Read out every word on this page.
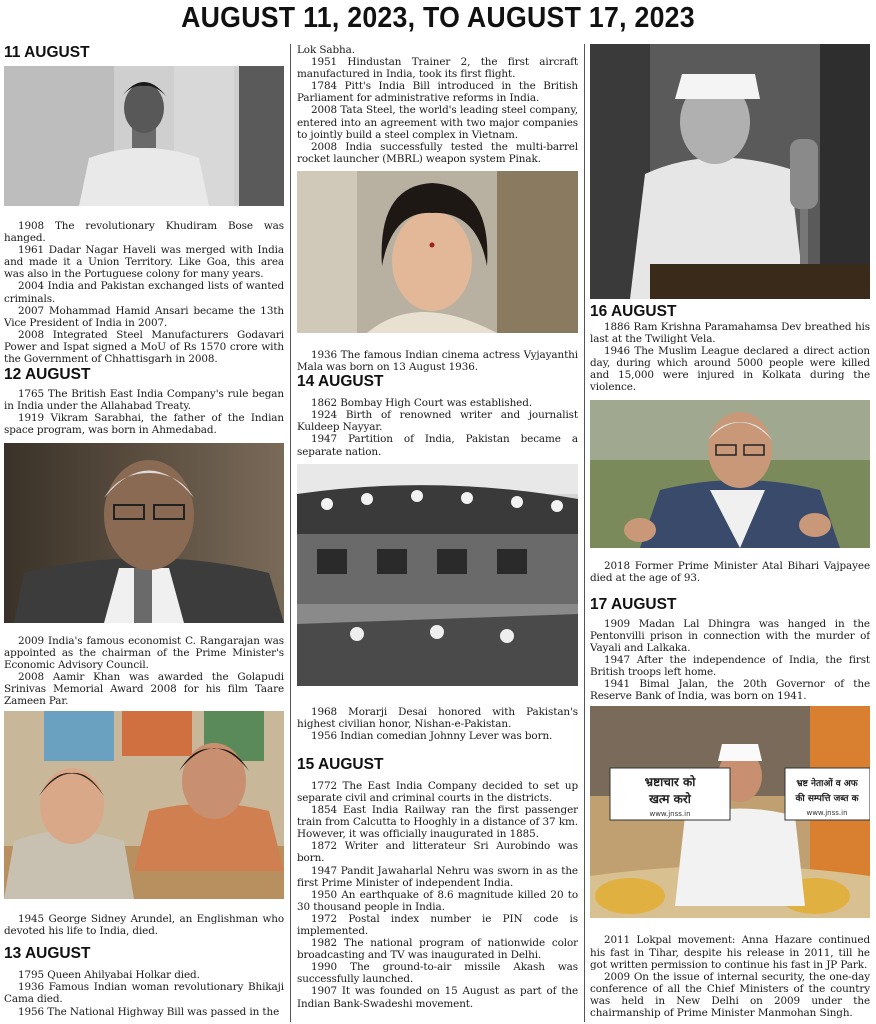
AUGUST 11, 2023, TO AUGUST 17, 2023
11 AUGUST

1908 The revolutionary Khudiram Bose was hanged.

1961 Dadar Nagar Haveli was merged with India and made it a Union Territory. Like Goa, this area was also in the Portuguese colony for many years.

2004 India and Pakistan exchanged lists of wanted criminals.

2007 Mohammad Hamid Ansari became the 13th Vice President of India in 2007.

2008 Integrated Steel Manufacturers Godavari Power and Ispat signed a MoU of Rs 1570 crore with the Government of Chhattisgarh in 2008.

12 AUGUST

1765 The British East India Company's rule began in India under the Allahabad Treaty.

1919 Vikram Sarabhai, the father of the Indian space program, was born in Ahmedabad.

2009 India's famous economist C. Rangarajan was appointed as the chairman of the Prime Minister's Economic Advisory Council.

2008 Aamir Khan was awarded the Golapudi Srinivas Memorial Award 2008 for his film Taare Zameen Par.

1945 George Sidney Arundel, an Englishman who devoted his life to India, died.

13 AUGUST

1795 Queen Ahilyabai Holkar died.

1936 Famous Indian woman revolutionary Bhikaji Cama died.

1956 The National Highway Bill was passed in the

Lok Sabha.

1951 Hindustan Trainer 2, the first aircraft manufactured in India, took its first flight.

1784 Pitt's India Bill introduced in the British Parliament for administrative reforms in India.

2008 Tata Steel, the world's leading steel company, entered into an agreement with two major companies to jointly build a steel complex in Vietnam.

2008 India successfully tested the multi-barrel rocket launcher (MBRL) weapon system Pinak.

1936 The famous Indian cinema actress Vyjayanthi Mala was born on 13 August 1936.

14 AUGUST

1862 Bombay High Court was established.

1924 Birth of renowned writer and journalist Kuldeep Nayyar.

1947 Partition of India, Pakistan became a separate nation.

1968 Morarji Desai honored with Pakistan's highest civilian honor, Nishan-e-Pakistan.

1956 Indian comedian Johnny Lever was born.

15 AUGUST

1772 The East India Company decided to set up separate civil and criminal courts in the districts.

1854 East India Railway ran the first passenger train from Calcutta to Hooghly in a distance of 37 km. However, it was officially inaugurated in 1885.

1872 Writer and litterateur Sri Aurobindo was born.

1947 Pandit Jawaharlal Nehru was sworn in as the first Prime Minister of independent India.

1950 An earthquake of 8.6 magnitude killed 20 to 30 thousand people in India.

1972 Postal index number ie PIN code is implemented.

1982 The national program of nationwide color broadcasting and TV was inaugurated in Delhi.

1990 The ground-to-air missile Akash was successfully launched.

1907 It was founded on 15 August as part of the Indian Bank-Swadeshi movement.

16 AUGUST

1886 Ram Krishna Paramahamsa Dev breathed his last at the Twilight Vela.

1946 The Muslim League declared a direct action day, during which around 5000 people were killed and 15,000 were injured in Kolkata during the violence.

2018 Former Prime Minister Atal Bihari Vajpayee died at the age of 93.

17 AUGUST

1909 Madan Lal Dhingra was hanged in the Pentonvilli prison in connection with the murder of Vayali and Lalkaka.

1947 After the independence of India, the first British troops left home.

1941 Bimal Jalan, the 20th Governor of the Reserve Bank of India, was born on 1941.

भ्रष्टाचार को
खत्म करो
www.jnss.in
भ्रष्ट नेताओं व अफ
की सम्पत्ति जब्त क
www.jnss.in

2011 Lokpal movement: Anna Hazare continued his fast in Tihar, despite his release in 2011, till he got written permission to continue his fast in JP Park.

2009 On the issue of internal security, the one-day conference of all the Chief Ministers of the country was held in New Delhi on 2009 under the chairmanship of Prime Minister Manmohan Singh.
